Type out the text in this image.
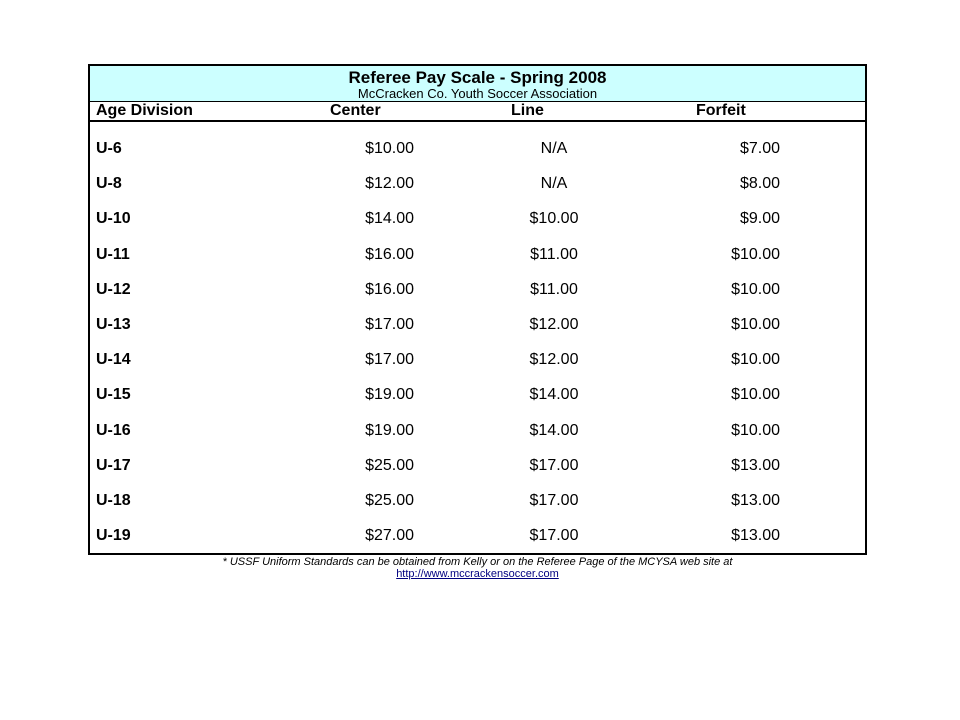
Referee Pay Scale - Spring 2008
McCracken Co. Youth Soccer Association
Age Division	Center	Line	Forfeit
U-6	$10.00	N/A	$7.00
U-8	$12.00	N/A	$8.00
U-10	$14.00	$10.00	$9.00
U-11	$16.00	$11.00	$10.00
U-12	$16.00	$11.00	$10.00
U-13	$17.00	$12.00	$10.00
U-14	$17.00	$12.00	$10.00
U-15	$19.00	$14.00	$10.00
U-16	$19.00	$14.00	$10.00
U-17	$25.00	$17.00	$13.00
U-18	$25.00	$17.00	$13.00
U-19	$27.00	$17.00	$13.00
* USSF Uniform Standards can be obtained from Kelly or on the Referee Page of the MCYSA web site at
http://www.mccrackensoccer.com
